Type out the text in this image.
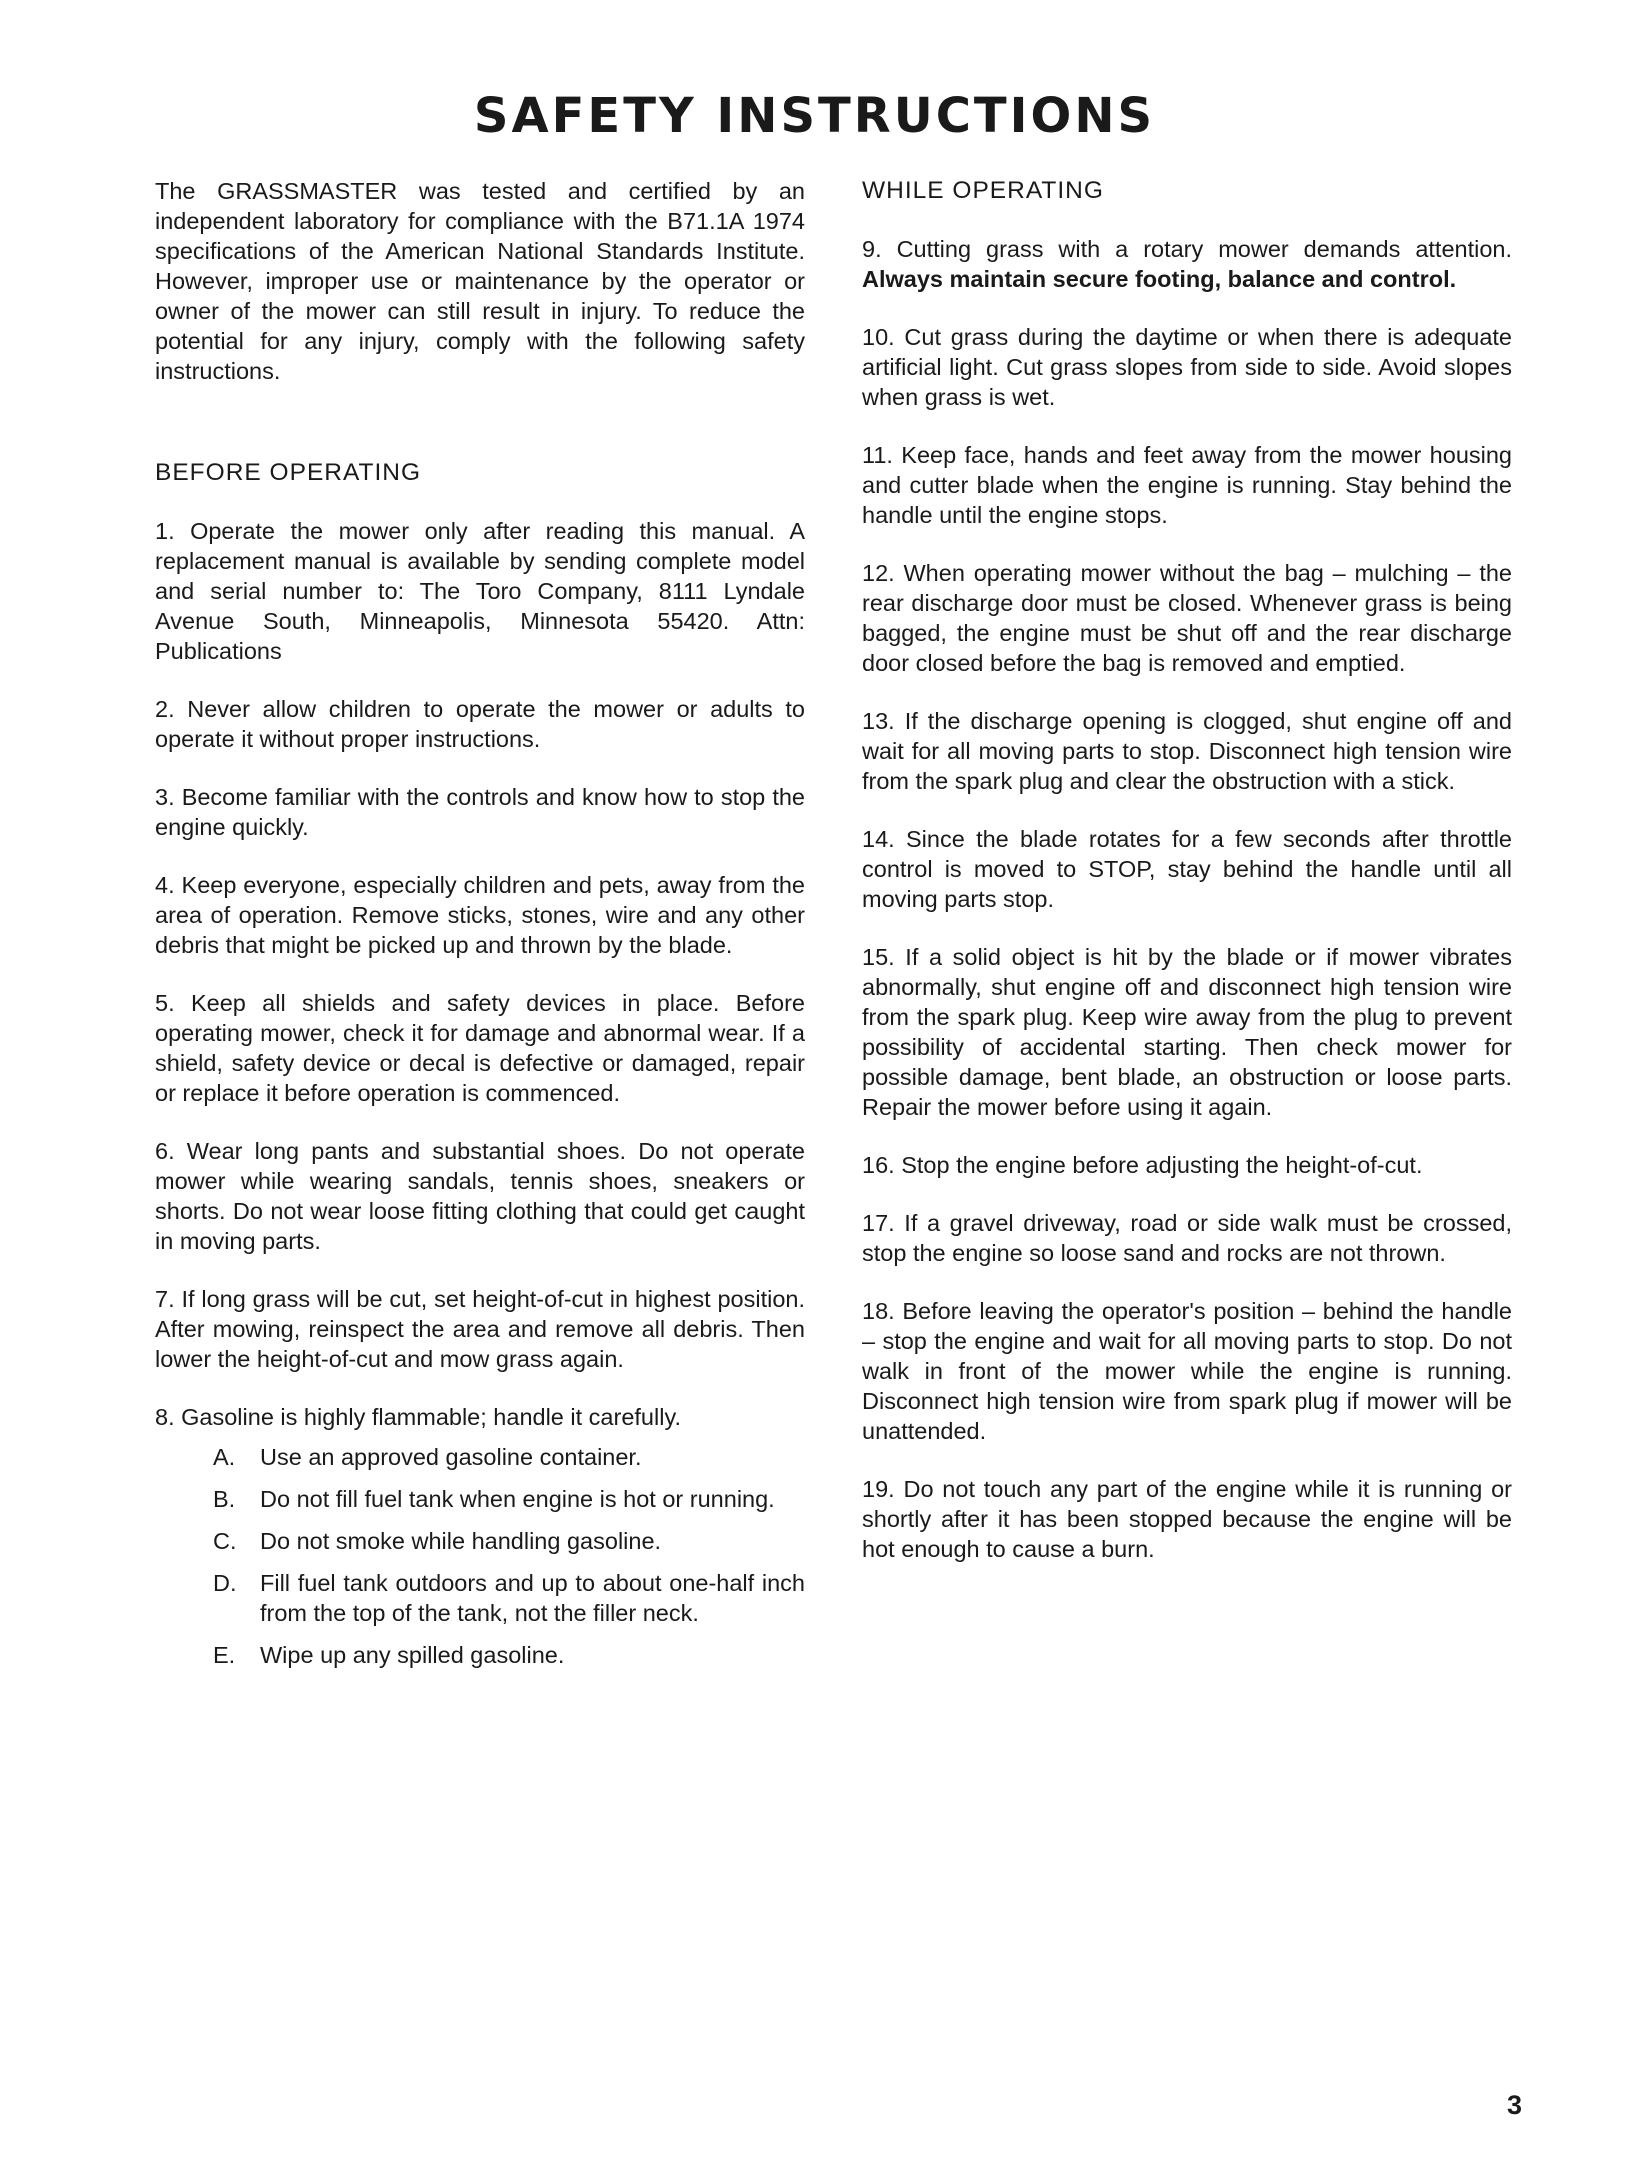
SAFETY INSTRUCTIONS

The GRASSMASTER was tested and certified by an independent laboratory for compliance with the B71.1A 1974 specifications of the American National Standards Institute. However, improper use or maintenance by the operator or owner of the mower can still result in injury. To reduce the potential for any injury, comply with the following safety instructions.

BEFORE OPERATING
1. Operate the mower only after reading this manual. A replacement manual is available by sending complete model and serial number to: The Toro Company, 8111 Lyndale Avenue South, Minneapolis, Minnesota 55420. Attn: Publications
2. Never allow children to operate the mower or adults to operate it without proper instructions.
3. Become familiar with the controls and know how to stop the engine quickly.
4. Keep everyone, especially children and pets, away from the area of operation. Remove sticks, stones, wire and any other debris that might be picked up and thrown by the blade.
5. Keep all shields and safety devices in place. Before operating mower, check it for damage and abnormal wear. If a shield, safety device or decal is defective or damaged, repair or replace it before operation is commenced.
6. Wear long pants and substantial shoes. Do not operate mower while wearing sandals, tennis shoes, sneakers or shorts. Do not wear loose fitting clothing that could get caught in moving parts.
7. If long grass will be cut, set height-of-cut in highest position. After mowing, reinspect the area and remove all debris. Then lower the height-of-cut and mow grass again.
8. Gasoline is highly flammable; handle it carefully.
A. Use an approved gasoline container.
B. Do not fill fuel tank when engine is hot or running.
C. Do not smoke while handling gasoline.
D. Fill fuel tank outdoors and up to about one-half inch from the top of the tank, not the filler neck.
E. Wipe up any spilled gasoline.
WHILE OPERATING
9. Cutting grass with a rotary mower demands attention. Always maintain secure footing, balance and control.
10. Cut grass during the daytime or when there is adequate artificial light. Cut grass slopes from side to side. Avoid slopes when grass is wet.
11. Keep face, hands and feet away from the mower housing and cutter blade when the engine is running. Stay behind the handle until the engine stops.
12. When operating mower without the bag – mulching – the rear discharge door must be closed. Whenever grass is being bagged, the engine must be shut off and the rear discharge door closed before the bag is removed and emptied.
13. If the discharge opening is clogged, shut engine off and wait for all moving parts to stop. Disconnect high tension wire from the spark plug and clear the obstruction with a stick.
14. Since the blade rotates for a few seconds after throttle control is moved to STOP, stay behind the handle until all moving parts stop.
15. If a solid object is hit by the blade or if mower vibrates abnormally, shut engine off and disconnect high tension wire from the spark plug. Keep wire away from the plug to prevent possibility of accidental starting. Then check mower for possible damage, bent blade, an obstruction or loose parts. Repair the mower before using it again.
16. Stop the engine before adjusting the height-of-cut.
17. If a gravel driveway, road or side walk must be crossed, stop the engine so loose sand and rocks are not thrown.
18. Before leaving the operator's position – behind the handle – stop the engine and wait for all moving parts to stop. Do not walk in front of the mower while the engine is running. Disconnect high tension wire from spark plug if mower will be unattended.
19. Do not touch any part of the engine while it is running or shortly after it has been stopped because the engine will be hot enough to cause a burn.
3
